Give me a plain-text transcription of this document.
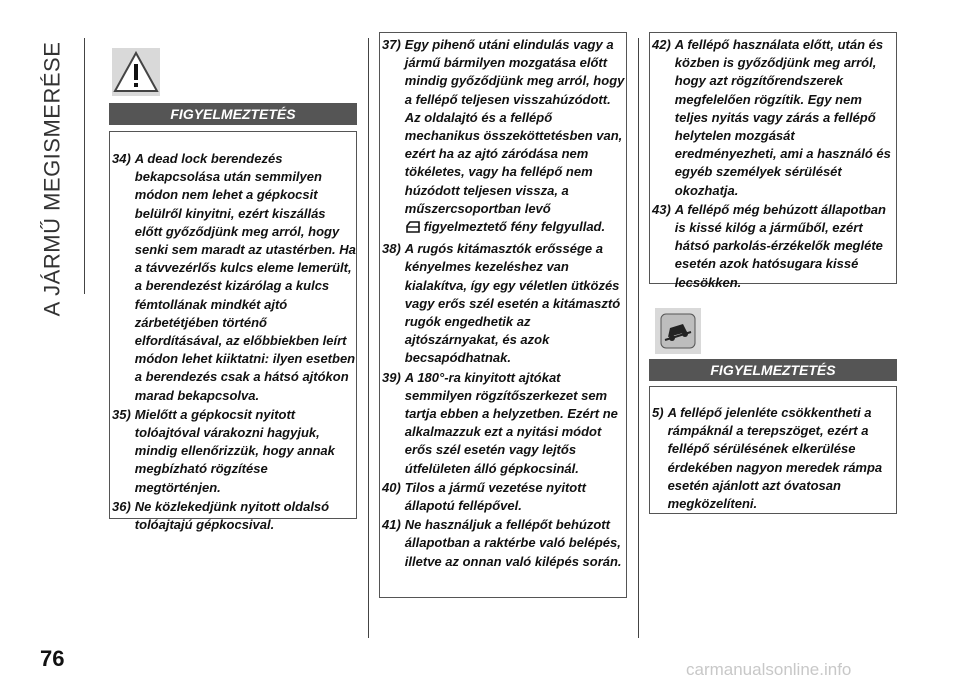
A JÁRMŰ MEGISMERÉSE	FIGYELMEZTETÉS
34) A dead lock berendezés bekapcsolása után semmilyen módon nem lehet a gépkocsit belülről kinyitni, ezért kiszállás előtt győződjünk meg arról, hogy senki sem maradt az utastérben. Ha a távvezérlős kulcs eleme lemerült, a berendezést kizárólag a kulcs fémtollának mindkét ajtó zárbetétjében történő elfordításával, az előbbiekben leírt módon lehet kiiktatni: ilyen esetben a berendezés csak a hátsó ajtókon marad bekapcsolva.
35) Mielőtt a gépkocsit nyitott tolóajtóval várakozni hagyjuk, mindig ellenőrizzük, hogy annak megbízható rögzítése megtörténjen.
36) Ne közlekedjünk nyitott oldalsó tolóajtajú gépkocsival.
37) Egy pihenő utáni elindulás vagy a jármű bármilyen mozgatása előtt mindig győződjünk meg arról, hogy a fellépő teljesen visszahúzódott. Az oldalajtó és a fellépő mechanikus összeköttetésben van, ezért ha az ajtó záródása nem tökéletes, vagy ha fellépő nem húzódott teljesen vissza, a műszercsoportban levő
figyelmeztető fény felgyullad.
38) A rugós kitámasztók erőssége a kényelmes kezeléshez van kialakítva, így egy véletlen ütközés vagy erős szél esetén a kitámasztó rugók engedhetik az ajtószárnyakat, és azok becsapódhatnak.
39) A 180°-ra kinyitott ajtókat semmilyen rögzítőszerkezet sem tartja ebben a helyzetben. Ezért ne alkalmazzuk ezt a nyitási módot erős szél esetén vagy lejtős útfelületen álló gépkocsinál.
40) Tilos a jármű vezetése nyitott állapotú fellépővel.
41) Ne használjuk a fellépőt behúzott állapotban a raktérbe való belépés, illetve az onnan való kilépés során.
42) A fellépő használata előtt, után és közben is győződjünk meg arról, hogy azt rögzítőrendszerek megfelelően rögzítik. Egy nem teljes nyitás vagy zárás a fellépő helytelen mozgását eredményezheti, ami a használó és egyéb személyek sérülését okozhatja.
43) A fellépő még behúzott állapotban is kissé kilóg a járműből, ezért hátsó parkolás-érzékelők megléte esetén azok hatósugara kissé lecsökken.
FIGYELMEZTETÉS
5) A fellépő jelenléte csökkentheti a rámpáknál a terepszöget, ezért a fellépő sérülésének elkerülése érdekében nagyon meredek rámpa esetén ajánlott azt óvatosan megközelíteni.
76	carmanualsonline.info
